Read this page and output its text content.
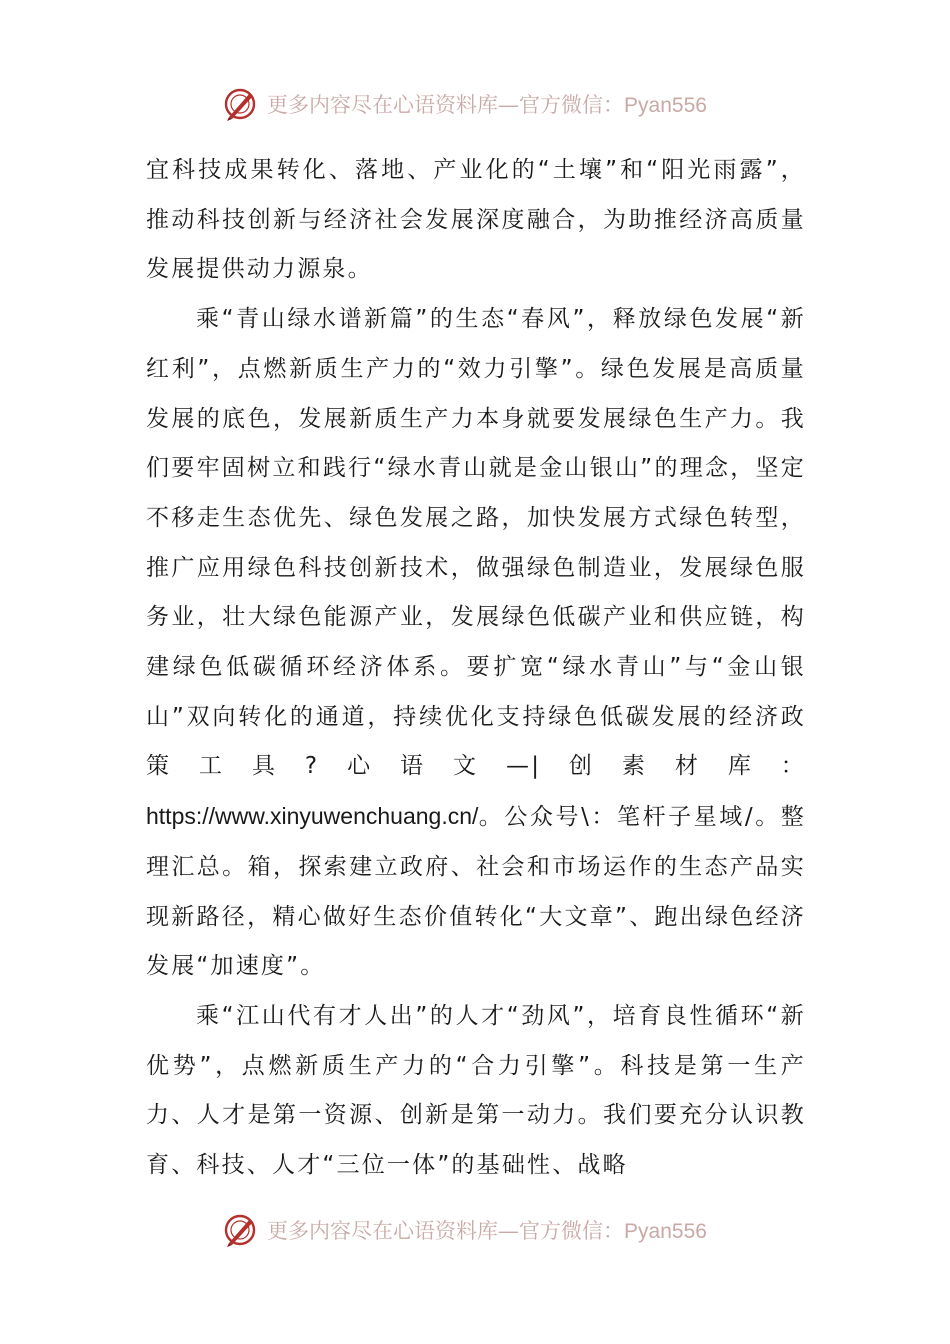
更多内容尽在心语资料库—官方微信：Pyan556

宜科技成果转化、落地、产业化的“土壤”和“阳光雨露”，推动科技创新与经济社会发展深度融合，为助推经济高质量发展提供动力源泉。

乘“青山绿水谱新篇”的生态“春风”，释放绿色发展“新红利”，点燃新质生产力的“效力引擎”。绿色发展是高质量发展的底色，发展新质生产力本身就要发展绿色生产力。我们要牢固树立和践行“绿水青山就是金山银山”的理念，坚定不移走生态优先、绿色发展之路，加快发展方式绿色转型，推广应用绿色科技创新技术，做强绿色制造业，发展绿色服务业，壮大绿色能源产业，发展绿色低碳产业和供应链，构建绿色低碳循环经济体系。要扩宽“绿水青山”与“金山银山”双向转化的通道，持续优化支持绿色低碳发展的经济政策工具?心语文—|创素材库：https://www.xinyuwenchuang.cn/。公众号\：笔杆子星域/。整理汇总。箱，探索建立政府、社会和市场运作的生态产品实现新路径，精心做好生态价值转化“大文章”、跑出绿色经济发展“加速度”。

乘“江山代有才人出”的人才“劲风”，培育良性循环“新优势”，点燃新质生产力的“合力引擎”。科技是第一生产力、人才是第一资源、创新是第一动力。我们要充分认识教育、科技、人才“三位一体”的基础性、战略

更多内容尽在心语资料库—官方微信：Pyan556
